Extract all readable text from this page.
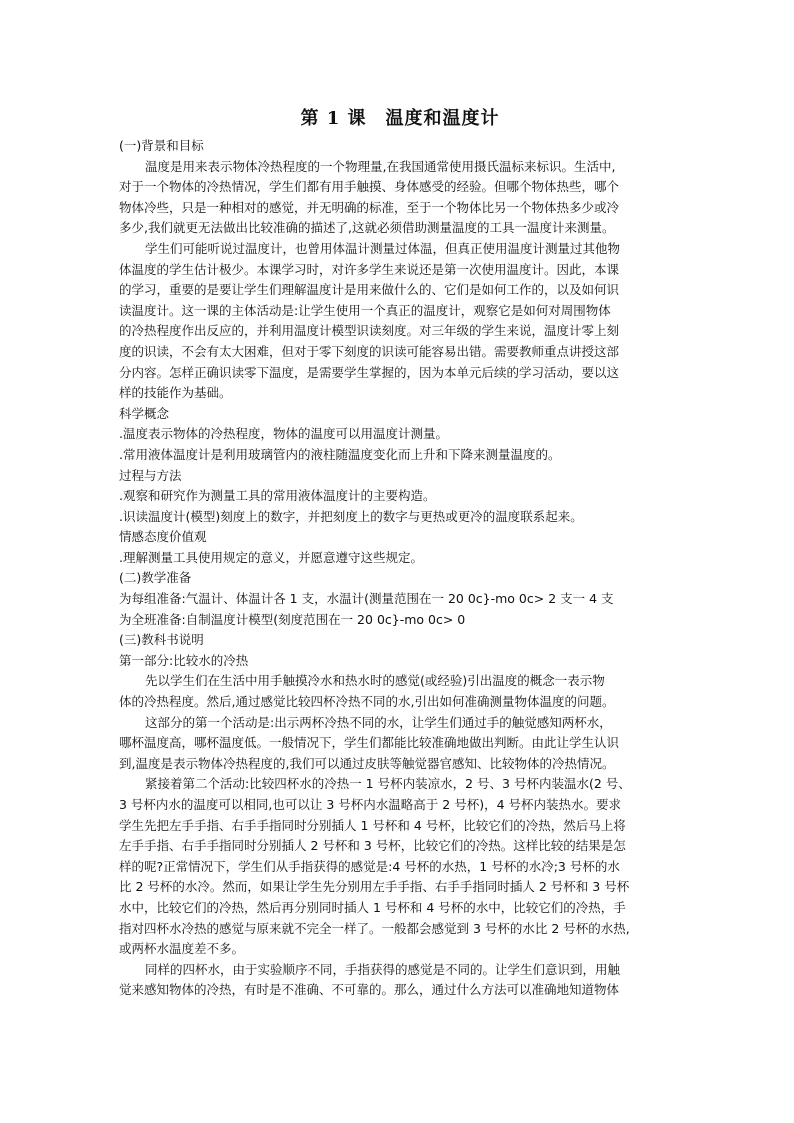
第 1 课　温度和温度计
(一)背景和目标
温度是用来表示物体冷热程度的一个物理量,在我国通常使用摄氏温标来标识。生活中,
对于一个物体的冷热情况，学生们都有用手触摸、身体感受的经验。但哪个物体热些，哪个
物体冷些，只是一种相对的感觉，并无明确的标准，至于一个物体比另一个物体热多少或冷
多少,我们就更无法做出比较准确的描述了,这就必须借助测量温度的工具一温度计来测量。
学生们可能听说过温度计，也曾用体温计测量过体温，但真正使用温度计测量过其他物
体温度的学生估计极少。本课学习时，对许多学生来说还是第一次使用温度计。因此，本课
的学习，重要的是要让学生们理解温度计是用来做什么的、它们是如何工作的，以及如何识
读温度计。这一课的主体活动是:让学生使用一个真正的温度计，观察它是如何对周围物体
的冷热程度作出反应的，并利用温度计模型识读刻度。对三年级的学生来说，温度计零上刻
度的识读，不会有太大困难，但对于零下刻度的识读可能容易出错。需要教师重点讲授这部
分内容。怎样正确识读零下温度，是需要学生掌握的，因为本单元后续的学习活动，要以这
样的技能作为基础。
科学概念
.温度表示物体的冷热程度，物体的温度可以用温度计测量。
.常用液体温度计是利用玻璃管内的液柱随温度变化而上升和下降来测量温度的。
过程与方法
.观察和研究作为测量工具的常用液体温度计的主要构造。
.识读温度计(模型)刻度上的数字，并把刻度上的数字与更热或更冷的温度联系起来。
情感态度价值观
.理解测量工具使用规定的意义，并愿意遵守这些规定。
(二)教学准备
为每组准备:气温计、体温计各 1 支，水温计(测量范围在一 20 0c}-mo 0c> 2 支一 4 支
为全班准备:自制温度计模型(刻度范围在一 20 0c}-mo 0c> 0
(三)教科书说明
第一部分:比较水的冷热
先以学生们在生活中用手触摸冷水和热水时的感觉(或经验)引出温度的概念一表示物
体的冷热程度。然后,通过感觉比较四杯冷热不同的水,引出如何准确测量物体温度的问题。
这部分的第一个活动是:出示两杯冷热不同的水，让学生们通过手的触觉感知两杯水，
哪杯温度高，哪杯温度低。一般情况下，学生们都能比较准确地做出判断。由此让学生认识
到,温度是表示物体冷热程度的,我们可以通过皮肤等触觉器官感知、比较物体的冷热情况。
紧接着第二个活动:比较四杯水的冷热一 1 号杯内装凉水，2 号、3 号杯内装温水(2 号、
3 号杯内水的温度可以相同,也可以让 3 号杯内水温略高于 2 号杯)，4 号杯内装热水。要求
学生先把左手手指、右手手指同时分别插人 1 号杯和 4 号杯，比较它们的冷热，然后马上将
左手手指、右手手指同时分别插人 2 号杯和 3 号杯，比较它们的冷热。这样比较的结果是怎
样的呢?正常情况下，学生们从手指获得的感觉是:4 号杯的水热，1 号杯的水冷;3 号杯的水
比 2 号杯的水冷。然而，如果让学生先分别用左手手指、右手手指同时插人 2 号杯和 3 号杯
水中，比较它们的冷热，然后再分别同时插人 1 号杯和 4 号杯的水中，比较它们的冷热，手
指对四杯水冷热的感觉与原来就不完全一样了。一般都会感觉到 3 号杯的水比 2 号杯的水热,
或两杯水温度差不多。
同样的四杯水，由于实验顺序不同，手指获得的感觉是不同的。让学生们意识到，用触
觉来感知物体的冷热，有时是不准确、不可靠的。那么，通过什么方法可以准确地知道物体
